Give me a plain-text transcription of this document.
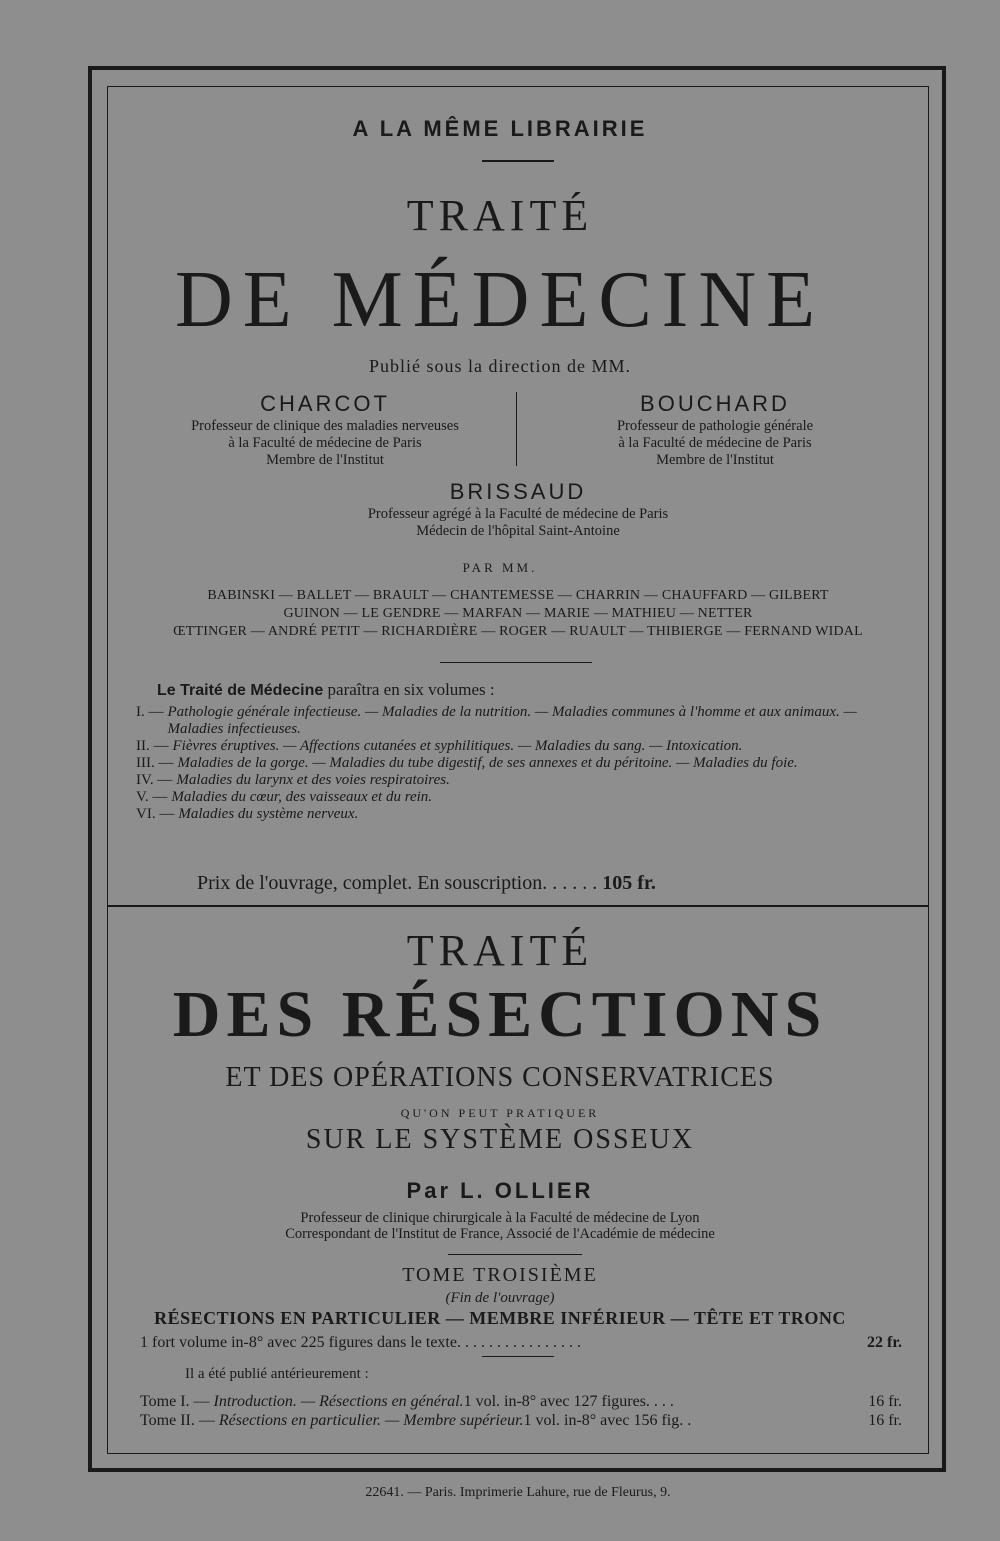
A LA MÊME LIBRAIRIE
TRAITÉ
DE MÉDECINE
Publié sous la direction de MM.
CHARCOT
Professeur de clinique des maladies nerveuses
à la Faculté de médecine de Paris
Membre de l'Institut
BOUCHARD
Professeur de pathologie générale
à la Faculté de médecine de Paris
Membre de l'Institut
BRISSAUD
Professeur agrégé à la Faculté de médecine de Paris
Médecin de l'hôpital Saint-Antoine
PAR MM.
BABINSKI — BALLET — BRAULT — CHANTEMESSE — CHARRIN — CHAUFFARD — GILBERT
GUINON — LE GENDRE — MARFAN — MARIE — MATHIEU — NETTER
ŒTTINGER — ANDRÉ PETIT — RICHARDIÈRE — ROGER — RUAULT — THIBIERGE — FERNAND WIDAL
Le Traité de Médecine paraîtra en six volumes :
I. — Pathologie générale infectieuse. — Maladies de la nutrition. — Maladies communes à l'homme et aux animaux. — Maladies infectieuses.
II. — Fièvres éruptives. — Affections cutanées et syphilitiques. — Maladies du sang. — Intoxication.
III. — Maladies de la gorge. — Maladies du tube digestif, de ses annexes et du péritoine. — Maladies du foie.
IV. — Maladies du larynx et des voies respiratoires.
V. — Maladies du cœur, des vaisseaux et du rein.
VI. — Maladies du système nerveux.
Prix de l'ouvrage, complet. En souscription. . . . . . 105 fr.
TRAITÉ
DES RÉSECTIONS
ET DES OPÉRATIONS CONSERVATRICES
QU'ON PEUT PRATIQUER
SUR LE SYSTÈME OSSEUX
Par L. OLLIER
Professeur de clinique chirurgicale à la Faculté de médecine de Lyon
Correspondant de l'Institut de France, Associé de l'Académie de médecine
TOME TROISIÈME
(Fin de l'ouvrage)
RÉSECTIONS EN PARTICULIER — MEMBRE INFÉRIEUR — TÊTE ET TRONC
1 fort volume in-8° avec 225 figures dans le texte. . . . . . . . . . . . . . . .	22 fr.
Il a été publié antérieurement :
Tome I. —
Introduction. — Résections en général. 1 vol. in-8° avec 127 figures. . . .	16 fr.
Tome II. —
Résections en particulier. — Membre supérieur. 1 vol. in-8° avec 156 fig. .	16 fr.
22641. — Paris. Imprimerie Lahure, rue de Fleurus, 9.
